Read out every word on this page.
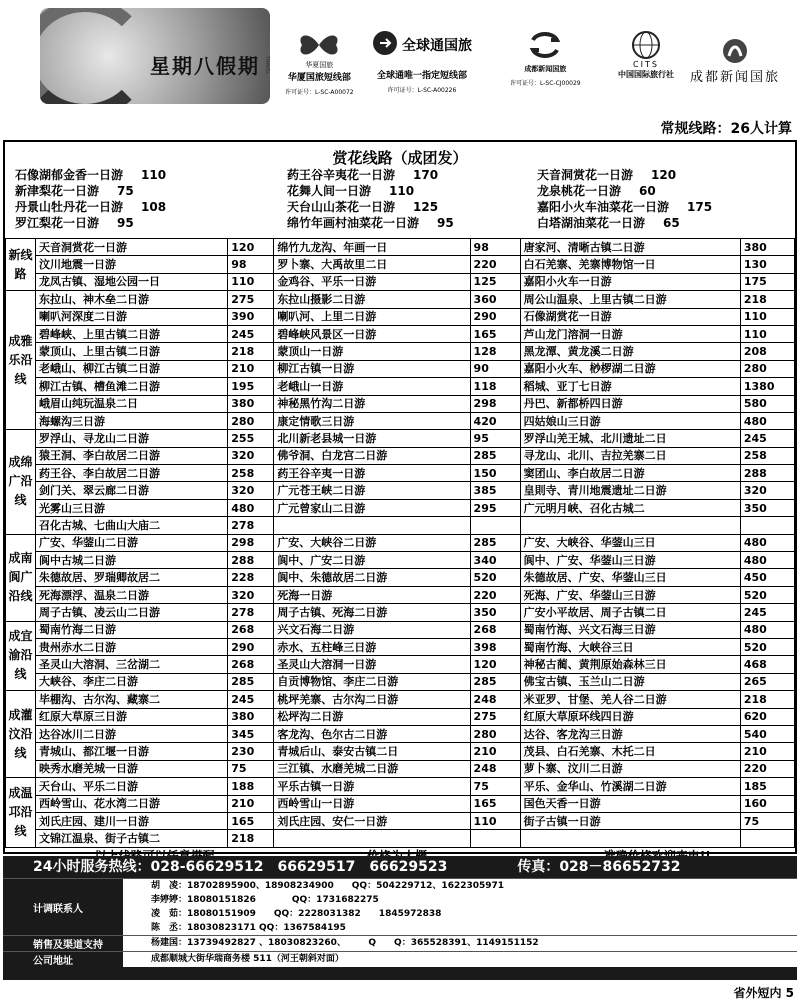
星期八假期 TRAVEL	华夏国旅
华厦国旅短线部
许可证号：L-SC-A00072
全球通国旅
全球通唯一指定短线部
许可证号：L-SC-A00226
成都新闻国旅
许可证号：L-SC-CJ00029
CITS
中国国际旅行社 成都新闻国旅
常规线路：26人计算
赏花线路（成团发）
石像湖郁金香一日游 110	药王谷辛夷花一日游 170	天音洞赏花一日游 120
新津梨花一日游 75	花舞人间一日游 110	龙泉桃花一日游 60
丹景山牡丹花一日游 108	天台山山茶花一日游 125	嘉阳小火车油菜花一日游 175
罗江梨花一日游 95	绵竹年画村油菜花一日游 95	白塔湖油菜花一日游 65
新线路	天音洞赏花一日游	120	绵竹九龙沟、年画一日	98	唐家河、清晰古镇二日游	380
	汶川地震一日游	98	罗卜寨、大禹故里二日	220	白石羌寨、羌寨博物馆一日	130
	龙凤古镇、湿地公园一日	110	金鸡谷、平乐一日游	125	嘉阳小火车一日游	175
成雅乐沿线	东拉山、神木垒二日游	275	东拉山摄影二日游	360	周公山温泉、上里古镇二日游	218
	喇叭河深度二日游	390	喇叭河、上里二日游	290	石像湖赏花一日游	110
	碧峰峡、上里古镇二日游	245	碧峰峡风景区一日游	165	芦山龙门溶洞一日游	110
	蒙顶山、上里古镇二日游	218	蒙顶山一日游	128	黑龙潭、黄龙溪二日游	208
	老峨山、柳江古镇二日游	210	柳江古镇一日游	90	嘉阳小火车、桫椤湖二日游	280
	柳江古镇、槽鱼滩二日游	195	老峨山一日游	118	稻城、亚丁七日游	1380
	峨眉山纯玩温泉二日	380	神秘黑竹沟二日游	298	丹巴、新都桥四日游	580
	海螺沟三日游	280	康定情歌三日游	420	四姑娘山三日游	480
成绵广沿线	罗浮山、寻龙山二日游	255	北川新老县城一日游	95	罗浮山羌王城、北川遗址二日	245
	猿王洞、李白故居二日游	320	佛爷洞、白龙宫二日游	285	寻龙山、北川、吉拉羌寨二日	258
	药王谷、李白故居二日游	258	药王谷辛夷一日游	150	窦团山、李白故居二日游	288
	剑门关、翠云廊二日游	320	广元苍王峡二日游	385	皇則寺、青川地震遗址二日游	320
	光雾山三日游	480	广元曾家山二日游	295	广元明月峡、召化古城二	350
	召化古城、七曲山大庙二	278				
成南阆广沿线	广安、华蓥山二日游	298	广安、大峡谷二日游	285	广安、大峡谷、华蓥山三日	480
	阆中古城二日游	288	阆中、广安二日游	340	阆中、广安、华蓥山三日游	480
	朱德故居、罗瑞卿故居二	228	阆中、朱德故居二日游	520	朱德故居、广安、华蓥山三日	450
	死海漂浮、温泉二日游	320	死海一日游	220	死海、广安、华蓥山三日游	520
	周子古镇、凌云山二日游	278	周子古镇、死海二日游	350	广安小平故居、周子古镇二日	245
成宜渝沿线	蜀南竹海二日游	268	兴文石海二日游	268	蜀南竹海、兴文石海三日游	480
	贵州赤水二日游	290	赤水、五柱峰三日游	398	蜀南竹海、大峡谷三日	520
	圣灵山大溶洞、三岔湖二	268	圣灵山大溶洞一日游	120	神秘古蔺、黄荆原始森林三日	468
	大峡谷、李庄二日游	285	自贡博物馆、李庄二日游	285	佛宝古镇、玉兰山二日游	265
成灌汶沿线	毕棚沟、古尔沟、藏寨二	245	桃坪羌寨、古尔沟二日游	248	米亚罗、甘堡、羌人谷二日游	218
	红原大草原三日游	380	松坪沟二日游	275	红原大草原环线四日游	620
	达谷冰川二日游	345	客龙沟、色尔古二日游	280	达谷、客龙沟三日游	540
	青城山、都江堰一日游	230	青城后山、泰安古镇二日	210	茂县、白石羌寨、木托二日	210
	映秀水磨羌城一日游	75	三江镇、水磨羌城二日游	248	萝卜寨、汶川二日游	220
成温邛沿线	天台山、平乐二日游	188	平乐古镇一日游	75	平乐、金华山、竹溪湖二日游	185
	西岭雪山、花水湾二日游	210	西岭雪山一日游	165	国色天香一日游	160
	刘氏庄园、建川一日游	165	刘氏庄园、安仁一日游	110	街子古镇一日游	75
	文锦江温泉、街子古镇二	218				

24小时服务热线： 028-66629512　66629517　66629523	传真： 028－86652732
计调联系人
胡　凌：18702895900、18908234900　　QQ：504229712、1622305971
李婷婷：18080151826　　　　QQ：1731682275
凌　茹：18080151909　　QQ：2228031382　　1845972838
陈　丞：18030823171 QQ：1367584195
销售及渠道支持	杨建国：13739492827 、18030823260、　　　Q　　Q：365528391、1149151152
公司地址	成都顺城大街华瑞商务楼 511（河王朝斜对面）
省外短内 5
